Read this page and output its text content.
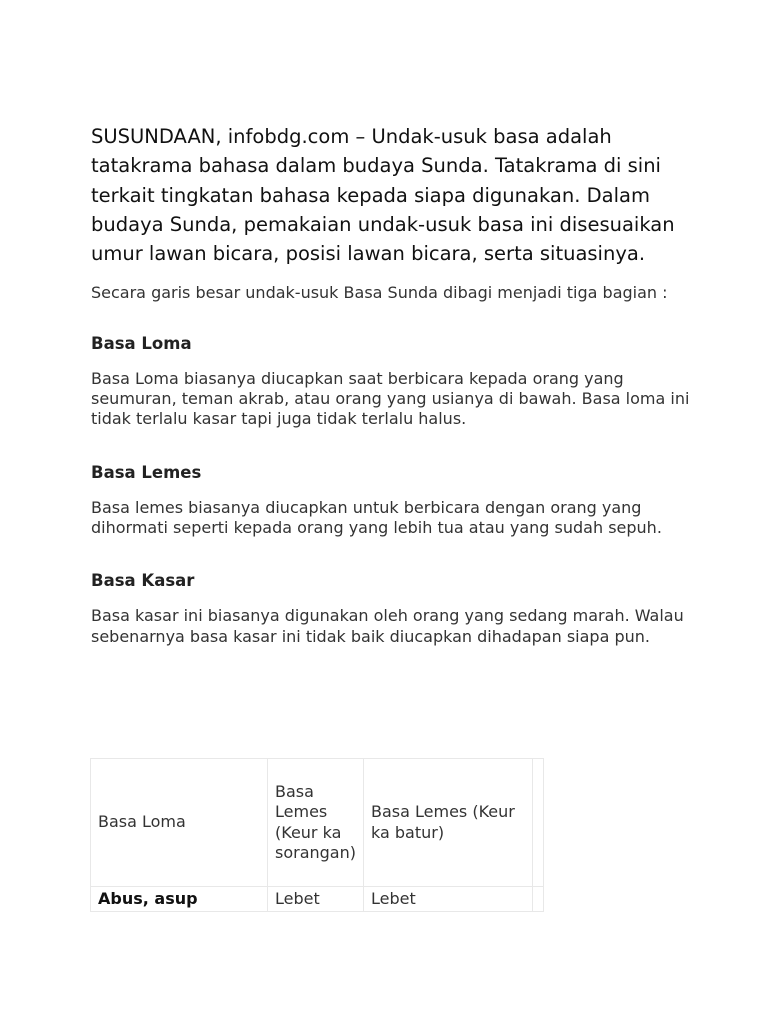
SUSUNDAAN, infobdg.com – Undak-usuk basa adalah tatakrama bahasa dalam budaya Sunda. Tatakrama di sini terkait tingkatan bahasa kepada siapa digunakan. Dalam budaya Sunda, pemakaian undak-usuk basa ini disesuaikan umur lawan bicara, posisi lawan bicara, serta situasinya.

Secara garis besar undak-usuk Basa Sunda dibagi menjadi tiga bagian :

Basa Loma

Basa Loma biasanya diucapkan saat berbicara kepada orang yang seumuran, teman akrab, atau orang yang usianya di bawah. Basa loma ini tidak terlalu kasar tapi juga tidak terlalu halus.

Basa Lemes

Basa lemes biasanya diucapkan untuk berbicara dengan orang yang dihormati seperti kepada orang yang lebih tua atau yang sudah sepuh.

Basa Kasar

Basa kasar ini biasanya digunakan oleh orang yang sedang marah. Walau sebenarnya basa kasar ini tidak baik diucapkan dihadapan siapa pun.

Basa Loma	Basa Lemes (Keur ka sorangan)	Basa Lemes (Keur ka batur)	
Abus, asup	Lebet	Lebet	
